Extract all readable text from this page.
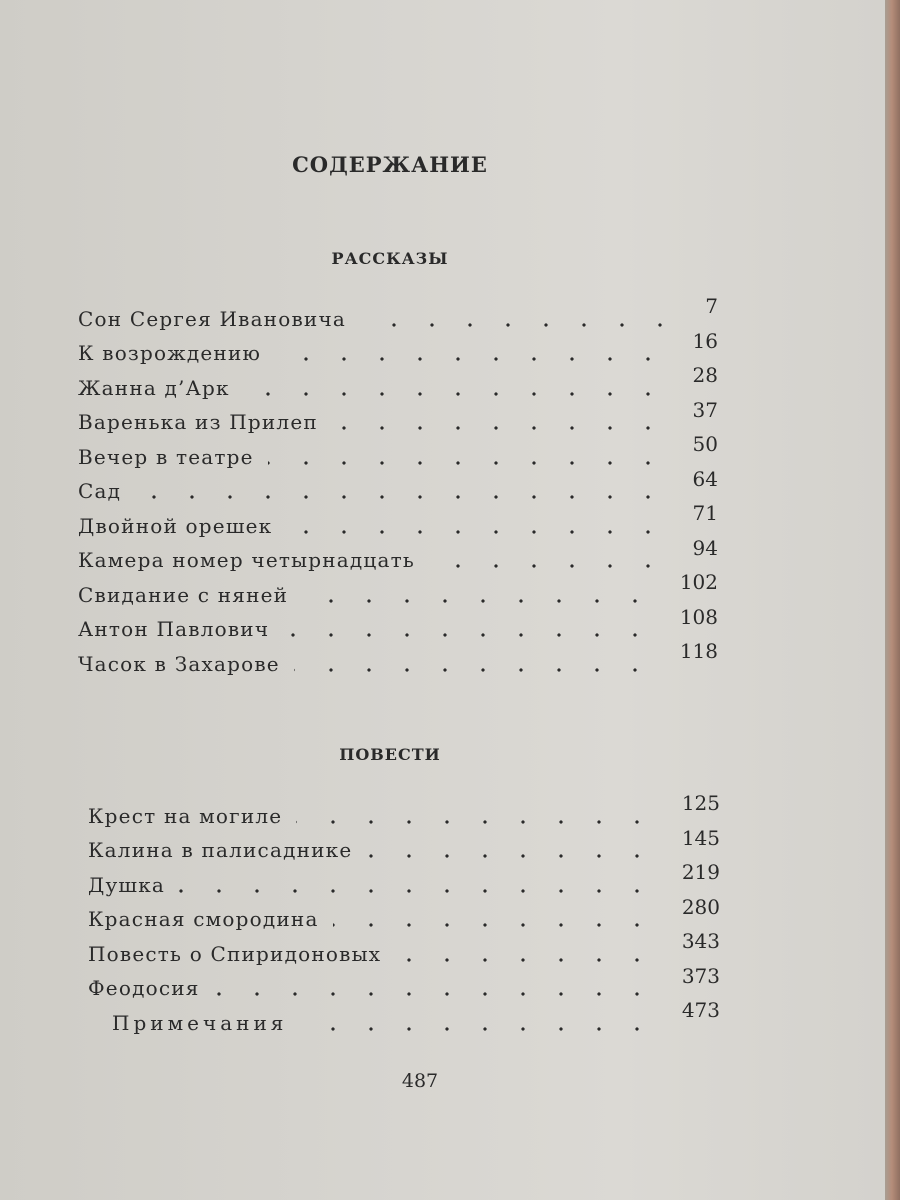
СОДЕРЖАНИЕ
РАССКАЗЫ
Сон Сергея Ивановича
7
К возрождению
16
Жанна д’Арк
28
Варенька из Прилеп
37
Вечер в театре
50
Сад
64
Двойной орешек
71
Камера номер четырнадцать
94
Свидание с няней
102
Антон Павлович
108
Часок в Захарове
118
ПОВЕСТИ
Крест на могиле
125
Калина в палисаднике
145
Душка
219
Красная смородина
280
Повесть о Спиридоновых
343
Феодосия
373
Примечания
473
487
